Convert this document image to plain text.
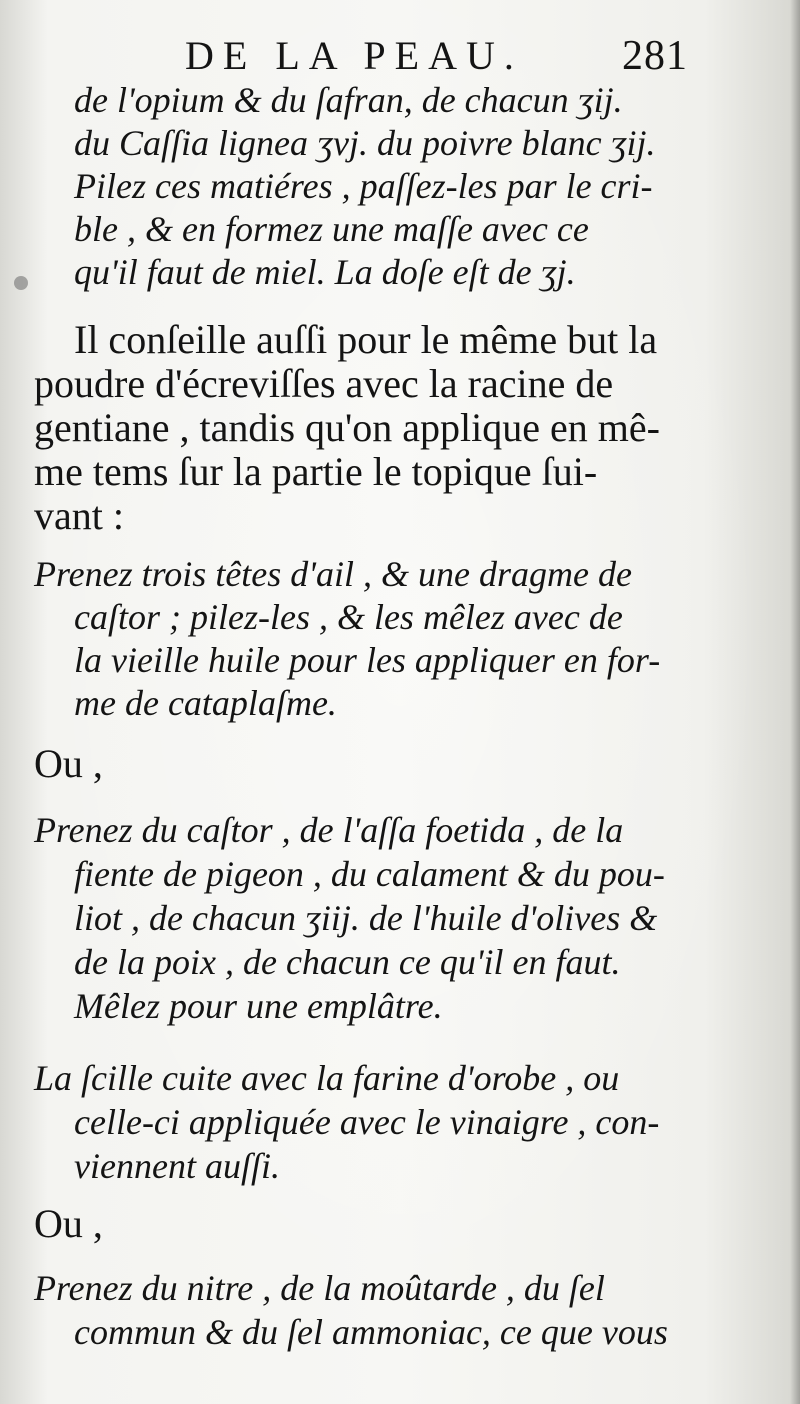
DE LA PEAU. 281
de l'opium & du ſafran, de chacun ʒij.
du Caſſia lignea ʒvj. du poivre blanc ʒij.
Pilez ces matiéres , paſſez-les par le cri-
ble , & en formez une maſſe avec ce
qu'il faut de miel. La doſe eſt de ʒj.
Il conſeille auſſi pour le même but la
poudre d'écreviſſes avec la racine de
gentiane , tandis qu'on applique en mê-
me tems ſur la partie le topique ſui-
vant :
Prenez trois têtes d'ail , & une dragme de
caſtor ; pilez-les , & les mêlez avec de
la vieille huile pour les appliquer en for-
me de cataplaſme.
Ou ,
Prenez du caſtor , de l'aſſa foetida , de la
fiente de pigeon , du calament & du pou-
liot , de chacun ʒiij. de l'huile d'olives &
de la poix , de chacun ce qu'il en faut.
Mêlez pour une emplâtre.
La ſcille cuite avec la farine d'orobe , ou
celle-ci appliquée avec le vinaigre , con-
viennent auſſi.
Ou ,
Prenez du nitre , de la moûtarde , du ſel
commun & du ſel ammoniac, ce que vous
